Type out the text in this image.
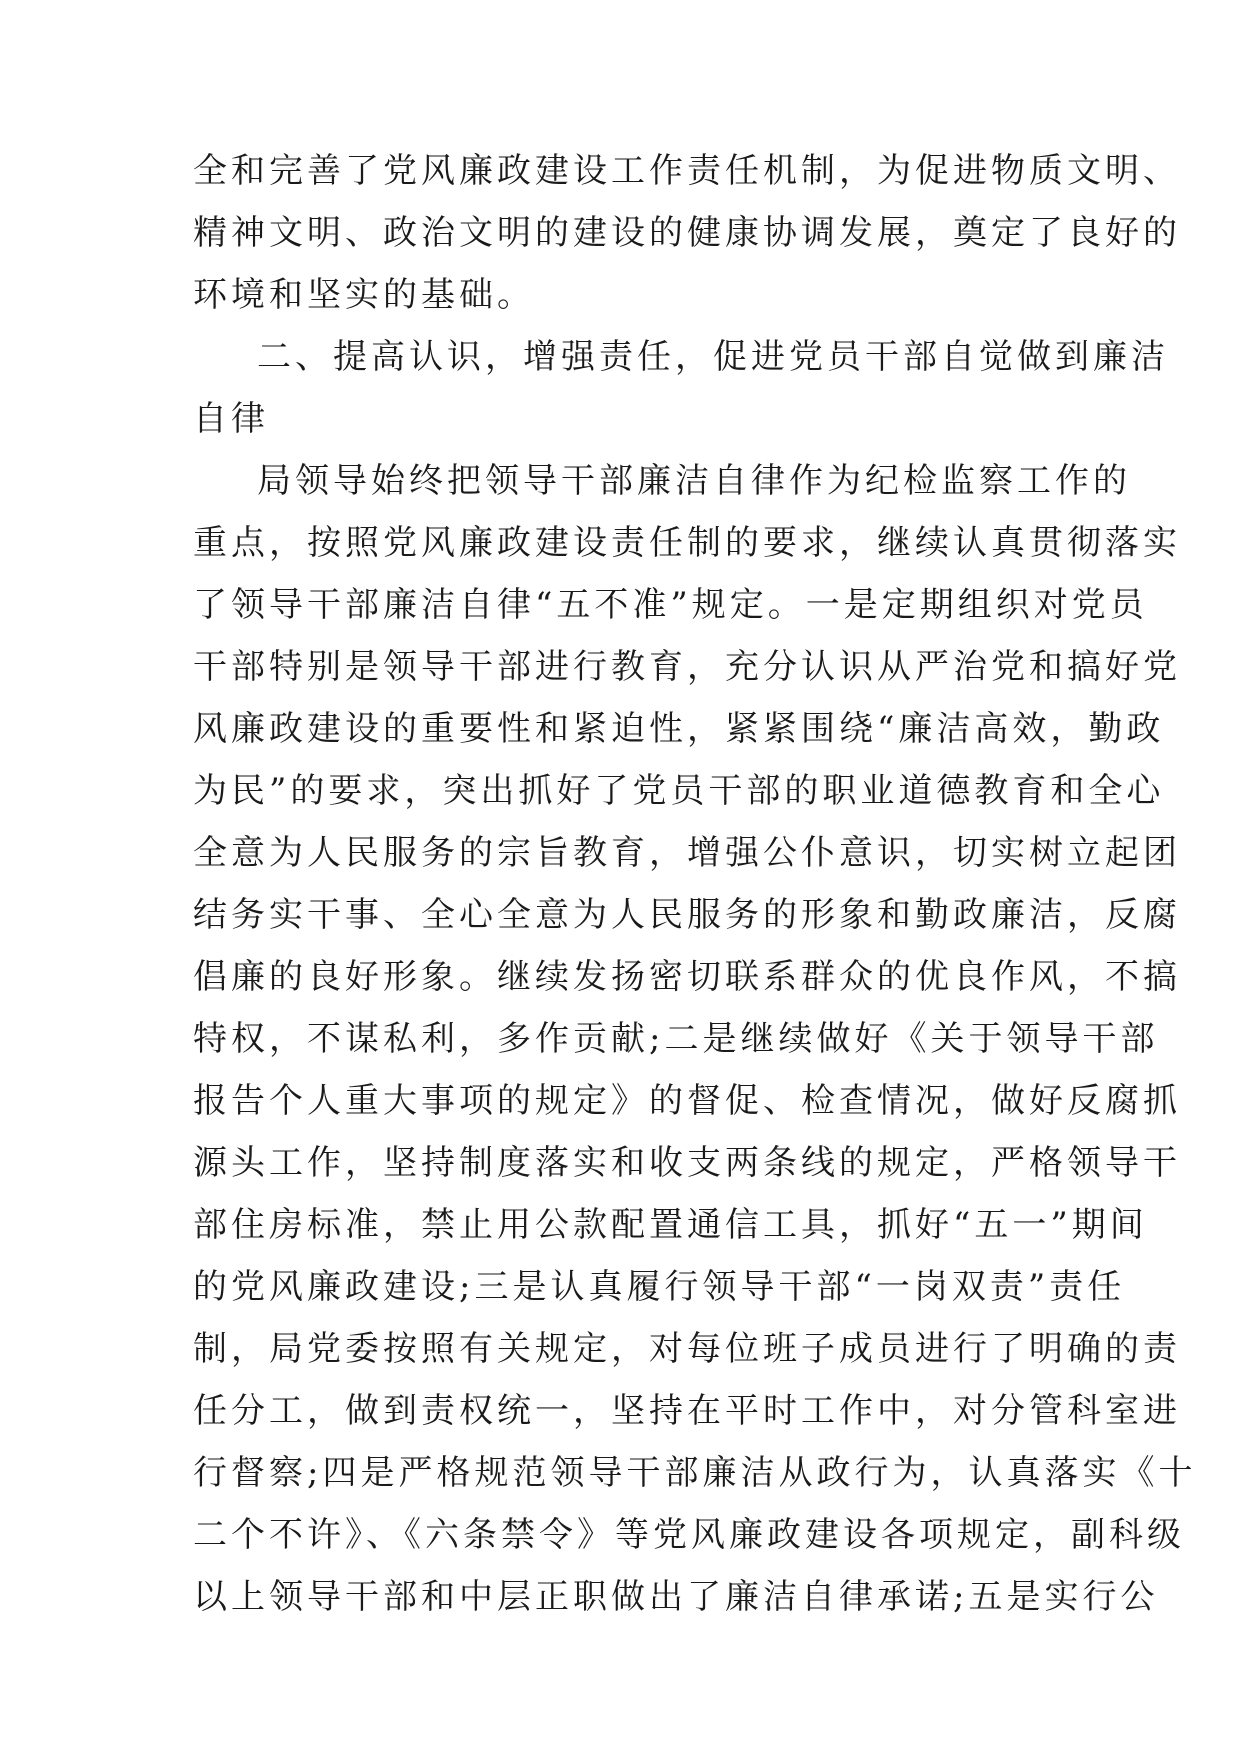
全和完善了党风廉政建设工作责任机制，为促进物质文明、
精神文明、政治文明的建设的健康协调发展，奠定了良好的
环境和坚实的基础。
二、提高认识，增强责任，促进党员干部自觉做到廉洁
自律
局领导始终把领导干部廉洁自律作为纪检监察工作的
重点，按照党风廉政建设责任制的要求，继续认真贯彻落实
了领导干部廉洁自律“五不准”规定。一是定期组织对党员
干部特别是领导干部进行教育，充分认识从严治党和搞好党
风廉政建设的重要性和紧迫性，紧紧围绕“廉洁高效，勤政
为民”的要求，突出抓好了党员干部的职业道德教育和全心
全意为人民服务的宗旨教育，增强公仆意识，切实树立起团
结务实干事、全心全意为人民服务的形象和勤政廉洁，反腐
倡廉的良好形象。继续发扬密切联系群众的优良作风，不搞
特权，不谋私利，多作贡献;二是继续做好《关于领导干部
报告个人重大事项的规定》的督促、检查情况，做好反腐抓
源头工作，坚持制度落实和收支两条线的规定，严格领导干
部住房标准，禁止用公款配置通信工具，抓好“五一”期间
的党风廉政建设;三是认真履行领导干部“一岗双责”责任
制，局党委按照有关规定，对每位班子成员进行了明确的责
任分工，做到责权统一，坚持在平时工作中，对分管科室进
行督察;四是严格规范领导干部廉洁从政行为，认真落实《十
二个不许》、《六条禁令》等党风廉政建设各项规定，副科级
以上领导干部和中层正职做出了廉洁自律承诺;五是实行公
